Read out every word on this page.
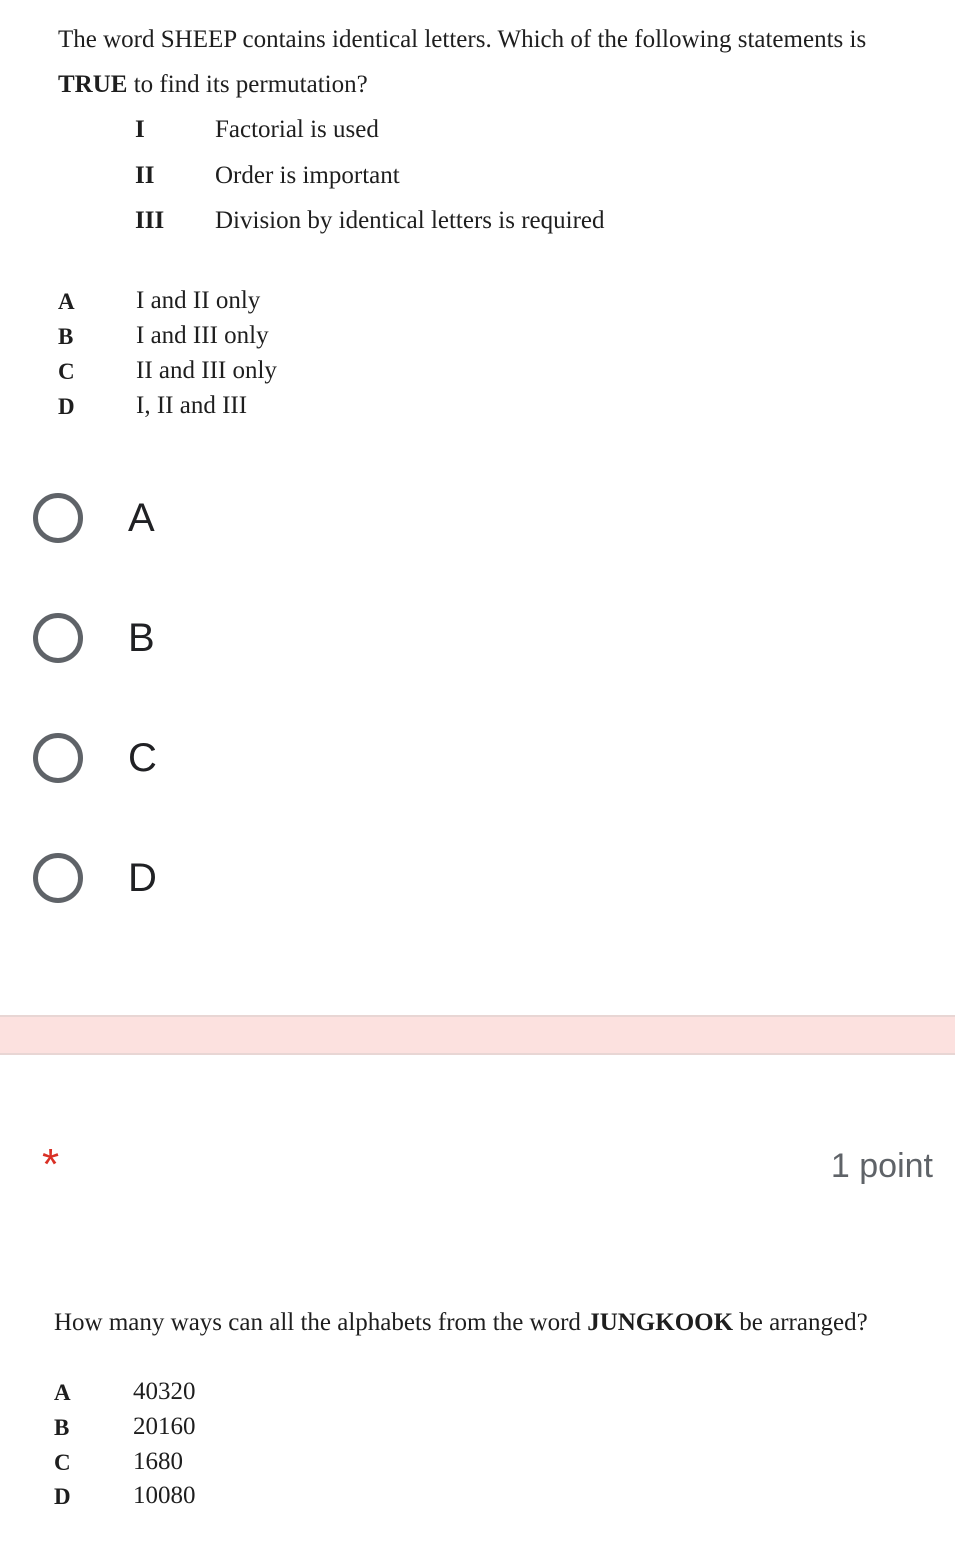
The word SHEEP contains identical letters. Which of the following statements is
TRUE to find its permutation?
I	Factorial is used
II Order is important
III Division by identical letters is required
A I and II only
B	I and III only
C II and III only
D I, II and III
A
B
C
D
*	1 point
How many ways can all the alphabets from the word JUNGKOOK be arranged?
A 40320
B	20160
C 1680
D 10080
